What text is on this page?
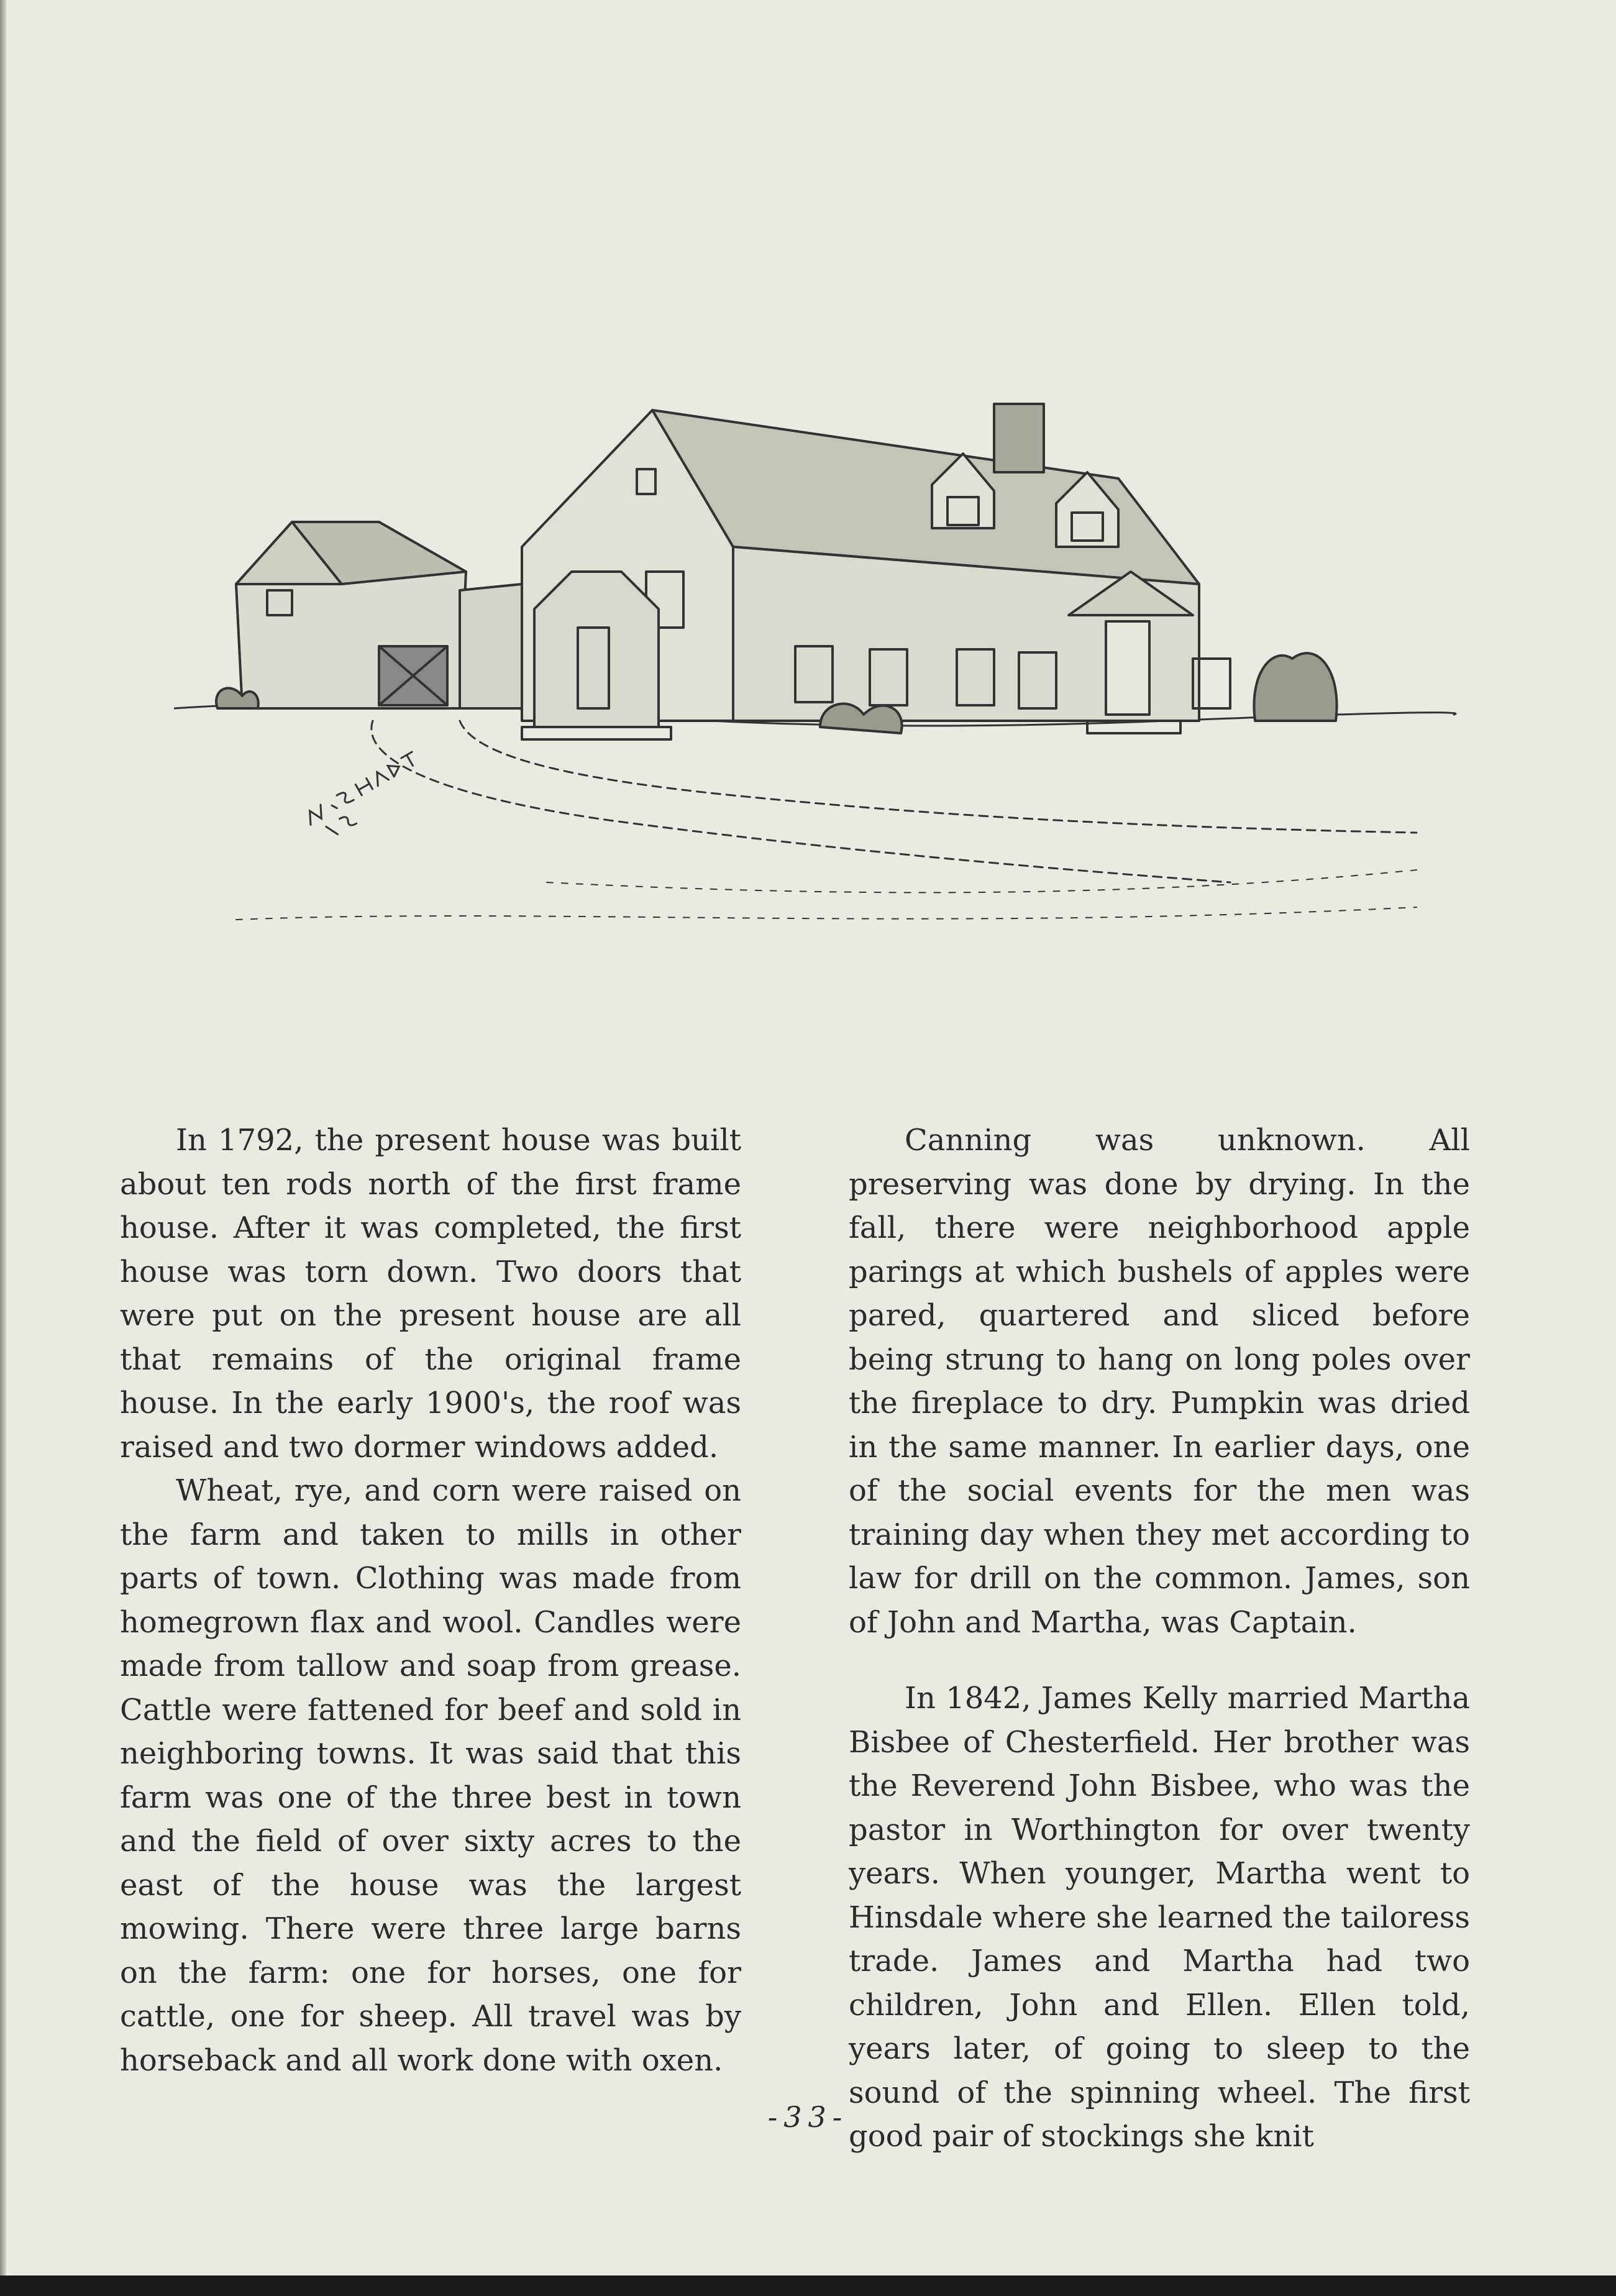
In 1792, the present house was built about ten rods north of the first frame house. After it was completed, the first house was torn down. Two doors that were put on the present house are all that remains of the original frame house. In the early 1900's, the roof was raised and two dormer windows added.

Wheat, rye, and corn were raised on the farm and taken to mills in other parts of town. Clothing was made from homegrown flax and wool. Candles were made from tallow and soap from grease. Cattle were fattened for beef and sold in neighboring towns. It was said that this farm was one of the three best in town and the field of over sixty acres to the east of the house was the largest mowing. There were three large barns on the farm: one for horses, one for cattle, one for sheep. All travel was by horseback and all work done with oxen.

Canning was unknown. All preserving was done by drying. In the fall, there were neighborhood apple parings at which bushels of apples were pared, quartered and sliced before being strung to hang on long poles over the fireplace to dry. Pumpkin was dried in the same manner. In earlier days, one of the social events for the men was training day when they met according to law for drill on the common. James, son of John and Martha, was Captain.

In 1842, James Kelly married Martha Bisbee of Chesterfield. Her brother was the Reverend John Bisbee, who was the pastor in Worthington for over twenty years. When younger, Martha went to Hinsdale where she learned the tailoress trade. James and Martha had two children, John and Ellen. Ellen told, years later, of going to sleep to the sound of the spinning wheel. The first good pair of stockings she knit

-33-
